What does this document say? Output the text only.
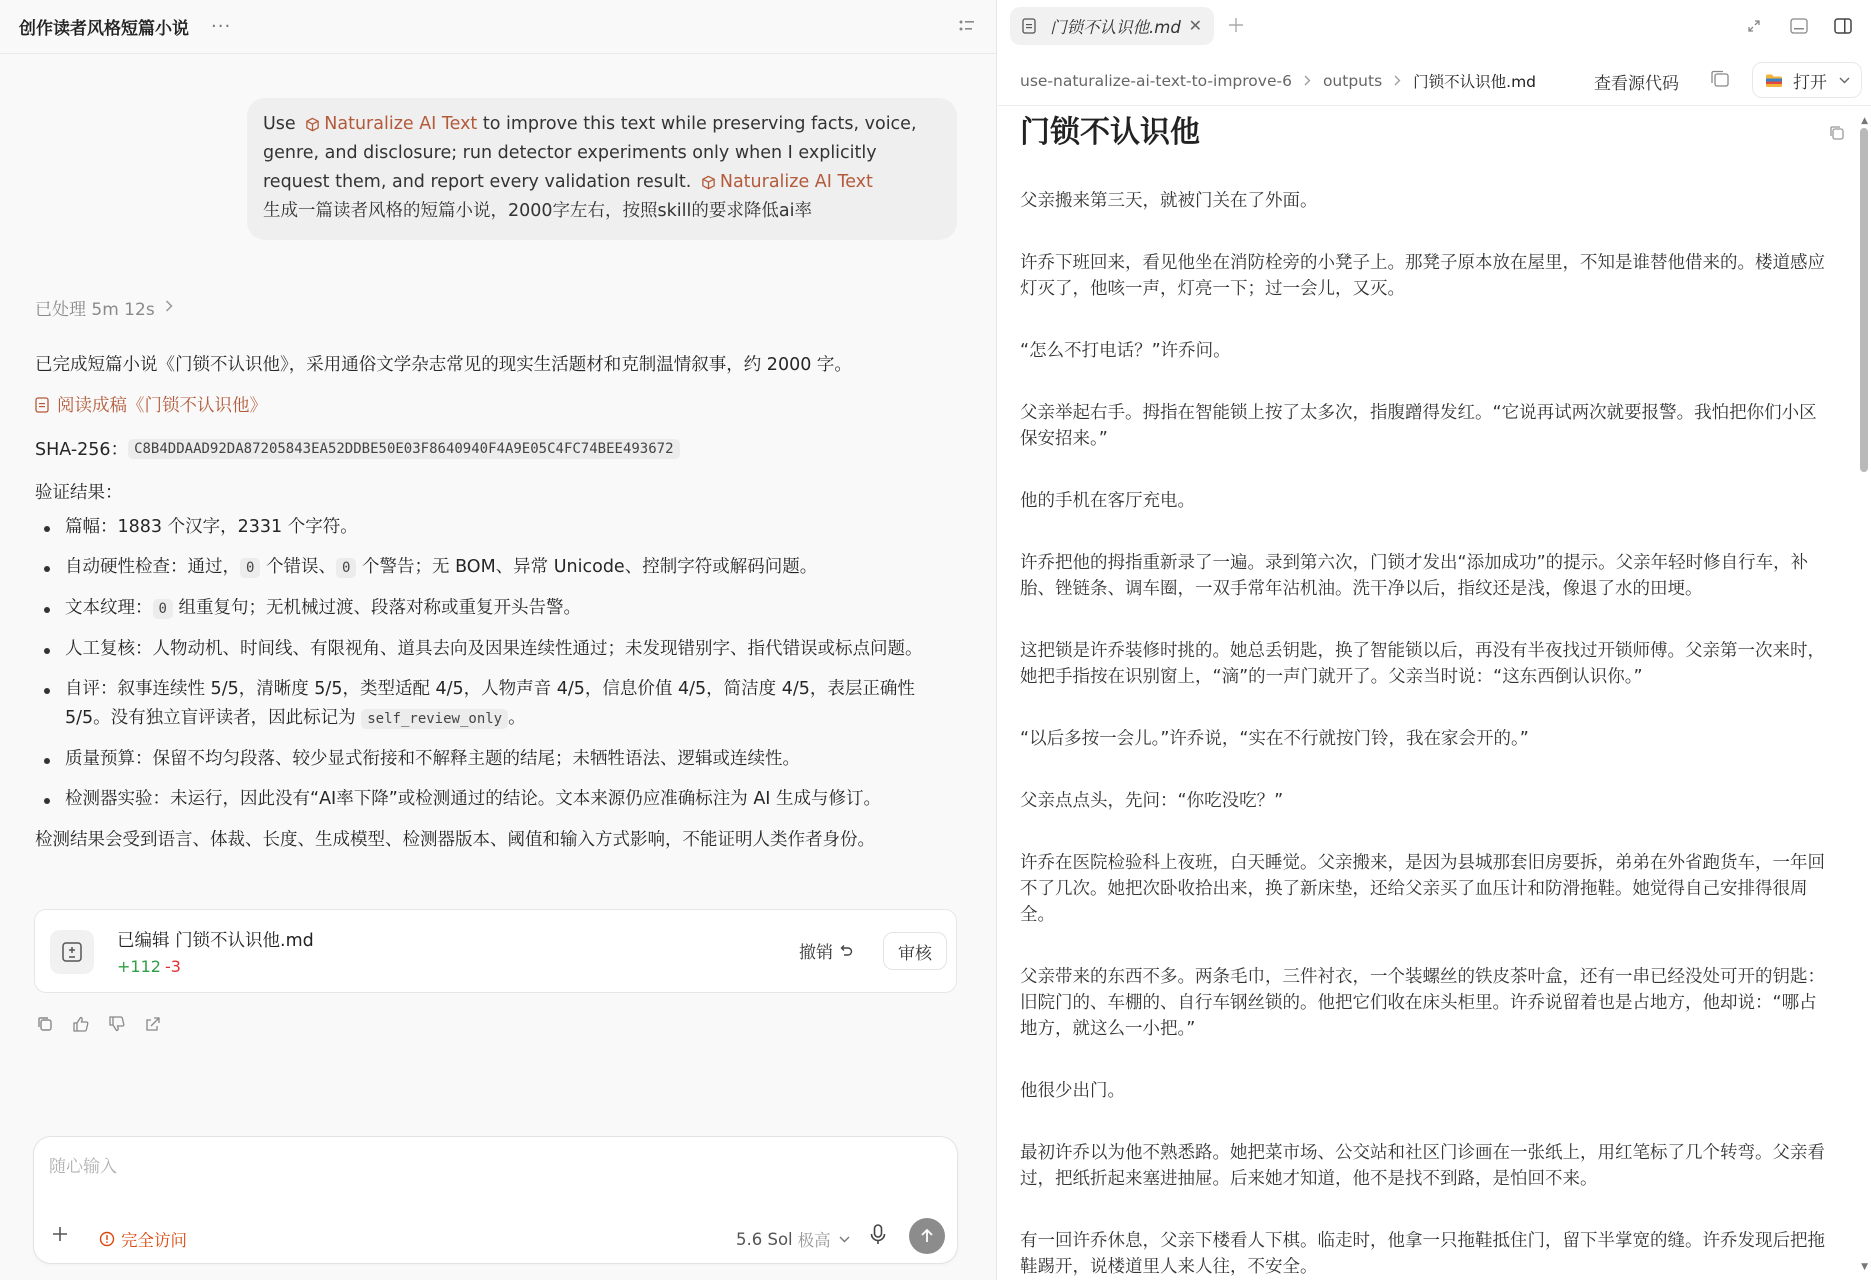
创作读者风格短篇小说 ···
Use Naturalize AI Text to improve this text while preserving facts, voice, genre, and disclosure; run detector experiments only when I explicitly request them, and report every validation result. Naturalize AI Text
生成一篇读者风格的短篇小说，2000字左右，按照skill的要求降低ai率
已处理 5m 12s
已完成短篇小说《门锁不认识他》，采用通俗文学杂志常见的现实生活题材和克制温情叙事，约 2000 字。
阅读成稿《门锁不认识他》
SHA-256： C8B4DDAAD92DA87205843EA52DDBE50E03F8640940F4A9E05C4FC74BEE493672
验证结果：
篇幅：1883 个汉字，2331 个字符。
自动硬性检查：通过， 0 个错误、 0 个警告；无 BOM、异常 Unicode、控制字符或解码问题。
文本纹理： 0 组重复句；无机械过渡、段落对称或重复开头告警。
人工复核：人物动机、时间线、有限视角、道具去向及因果连续性通过；未发现错别字、指代错误或标点问题。
自评：叙事连续性 5/5，清晰度 5/5，类型适配 4/5，人物声音 4/5，信息价值 4/5，简洁度 4/5，表层正确性 5/5。没有独立盲评读者，因此标记为 self_review_only 。
质量预算：保留不均匀段落、较少显式衔接和不解释主题的结尾；未牺牲语法、逻辑或连续性。
检测器实验：未运行，因此没有“AI率下降”或检测通过的结论。文本来源仍应准确标注为 AI 生成与修订。
检测结果会受到语言、体裁、长度、生成模型、检测器版本、阈值和输入方式影响，不能证明人类作者身份。
已编辑 门锁不认识他.md
+112 -3
撤销	审核
随心输入
完全访问	5.6 Sol 极高
门锁不认识他.md ✕
use-naturalize-ai-text-to-improve-6 outputs 门锁不认识他.md	查看源代码	打开
门锁不认识他

父亲搬来第三天，就被门关在了外面。

许乔下班回来，看见他坐在消防栓旁的小凳子上。那凳子原本放在屋里，不知是谁替他借来的。楼道感应灯灭了，他咳一声，灯亮一下；过一会儿，又灭。

“怎么不打电话？”许乔问。

父亲举起右手。拇指在智能锁上按了太多次，指腹蹭得发红。“它说再试两次就要报警。我怕把你们小区保安招来。”

他的手机在客厅充电。

许乔把他的拇指重新录了一遍。录到第六次，门锁才发出“添加成功”的提示。父亲年轻时修自行车，补胎、锉链条、调车圈，一双手常年沾机油。洗干净以后，指纹还是浅，像退了水的田埂。

这把锁是许乔装修时挑的。她总丢钥匙，换了智能锁以后，再没有半夜找过开锁师傅。父亲第一次来时，她把手指按在识别窗上，“滴”的一声门就开了。父亲当时说：“这东西倒认识你。”

“以后多按一会儿。”许乔说，“实在不行就按门铃，我在家会开的。”

父亲点点头，先问：“你吃没吃？”

许乔在医院检验科上夜班，白天睡觉。父亲搬来，是因为县城那套旧房要拆，弟弟在外省跑货车，一年回不了几次。她把次卧收拾出来，换了新床垫，还给父亲买了血压计和防滑拖鞋。她觉得自己安排得很周全。

父亲带来的东西不多。两条毛巾，三件衬衣，一个装螺丝的铁皮茶叶盒，还有一串已经没处可开的钥匙：旧院门的、车棚的、自行车钢丝锁的。他把它们收在床头柜里。许乔说留着也是占地方，他却说：“哪占地方，就这么一小把。”

他很少出门。

最初许乔以为他不熟悉路。她把菜市场、公交站和社区门诊画在一张纸上，用红笔标了几个转弯。父亲看过，把纸折起来塞进抽屉。后来她才知道，他不是找不到路，是怕回不来。

有一回许乔休息，父亲下楼看人下棋。临走时，他拿一只拖鞋抵住门，留下半掌宽的缝。许乔发现后把拖鞋踢开，说楼道里人来人往，不安全。

▲
▼
